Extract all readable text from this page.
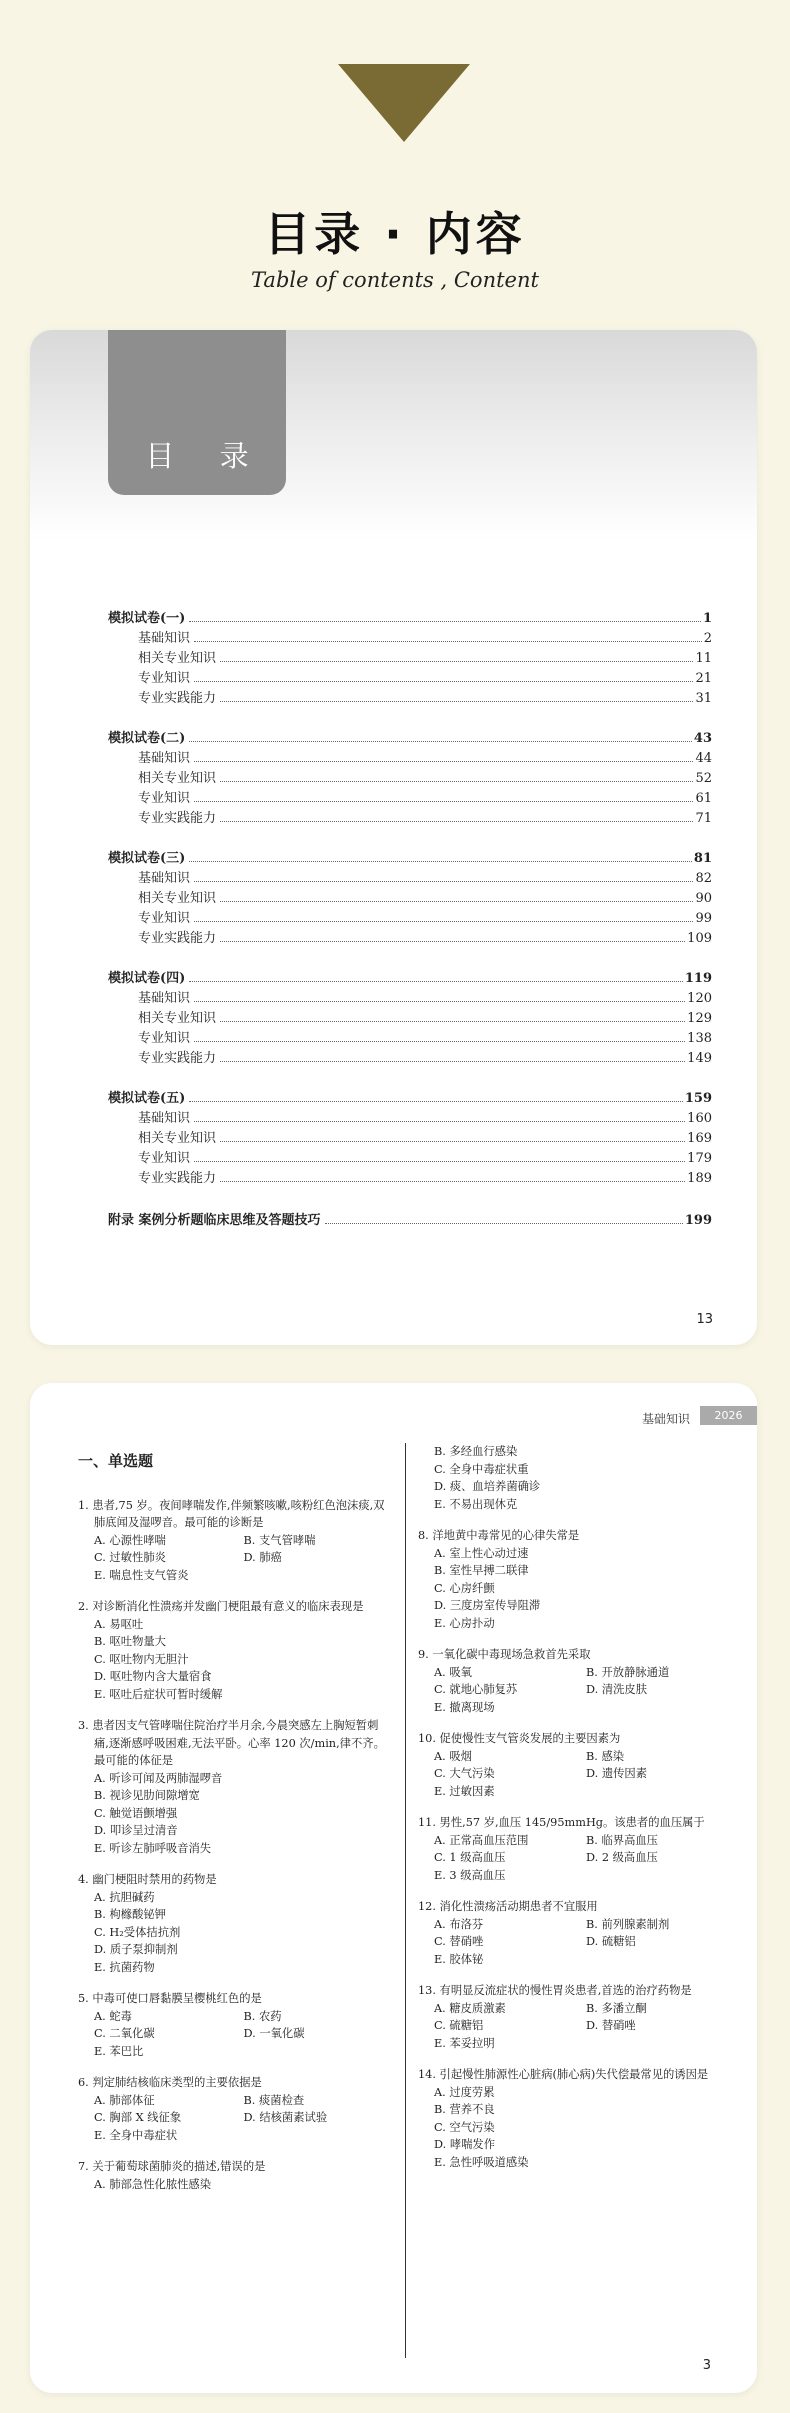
目录 · 内容
Table of contents , Content
目 录
模拟试卷(一)	1
基础知识	2
相关专业知识	11
专业知识	21
专业实践能力	31
模拟试卷(二)	43
基础知识	44
相关专业知识	52
专业知识	61
专业实践能力	71
模拟试卷(三)	81
基础知识	82
相关专业知识	90
专业知识	99
专业实践能力	109
模拟试卷(四)	119
基础知识	120
相关专业知识	129
专业知识	138
专业实践能力	149
模拟试卷(五)	159
基础知识	160
相关专业知识	169
专业知识	179
专业实践能力	189
附录 案例分析题临床思维及答题技巧	199
13
基础知识	2026
一、单选题
1. 患者,75 岁。夜间哮喘发作,伴频繁咳嗽,咳粉红色泡沫痰,双肺底闻及湿啰音。最可能的诊断是
A. 心源性哮喘	B. 支气管哮喘
C. 过敏性肺炎	D. 肺癌
E. 喘息性支气管炎
2. 对诊断消化性溃疡并发幽门梗阻最有意义的临床表现是
A. 易呕吐
B. 呕吐物量大
C. 呕吐物内无胆汁
D. 呕吐物内含大量宿食
E. 呕吐后症状可暂时缓解
3. 患者因支气管哮喘住院治疗半月余,今晨突感左上胸短暂刺痛,逐渐感呼吸困难,无法平卧。心率 120 次/min,律不齐。最可能的体征是
A. 听诊可闻及两肺湿啰音
B. 视诊见肋间隙增宽
C. 触觉语颤增强
D. 叩诊呈过清音
E. 听诊左肺呼吸音消失
4. 幽门梗阻时禁用的药物是
A. 抗胆碱药
B. 枸橼酸铋钾
C. H₂受体拮抗剂
D. 质子泵抑制剂
E. 抗菌药物
5. 中毒可使口唇黏膜呈樱桃红色的是
A. 蛇毒	B. 农药
C. 二氧化碳	D. 一氧化碳
E. 苯巴比
6. 判定肺结核临床类型的主要依据是
A. 肺部体征	B. 痰菌检查
C. 胸部 X 线征象	D. 结核菌素试验
E. 全身中毒症状
7. 关于葡萄球菌肺炎的描述,错误的是
A. 肺部急性化脓性感染
B. 多经血行感染
C. 全身中毒症状重
D. 痰、血培养菌确诊
E. 不易出现休克
8. 洋地黄中毒常见的心律失常是
A. 室上性心动过速
B. 室性早搏二联律
C. 心房纤颤
D. 三度房室传导阻滞
E. 心房扑动
9. 一氧化碳中毒现场急救首先采取
A. 吸氧	B. 开放静脉通道
C. 就地心肺复苏	D. 清洗皮肤
E. 撤离现场
10. 促使慢性支气管炎发展的主要因素为
A. 吸烟	B. 感染
C. 大气污染	D. 遗传因素
E. 过敏因素
11. 男性,57 岁,血压 145/95mmHg。该患者的血压属于
A. 正常高血压范围	B. 临界高血压
C. 1 级高血压	D. 2 级高血压
E. 3 级高血压
12. 消化性溃疡活动期患者不宜服用
A. 布洛芬	B. 前列腺素制剂
C. 替硝唑	D. 硫糖铝
E. 胶体铋
13. 有明显反流症状的慢性胃炎患者,首选的治疗药物是
A. 糖皮质激素	B. 多潘立酮
C. 硫糖铝	D. 替硝唑
E. 苯妥拉明
14. 引起慢性肺源性心脏病(肺心病)失代偿最常见的诱因是
A. 过度劳累
B. 营养不良
C. 空气污染
D. 哮喘发作
E. 急性呼吸道感染
3
